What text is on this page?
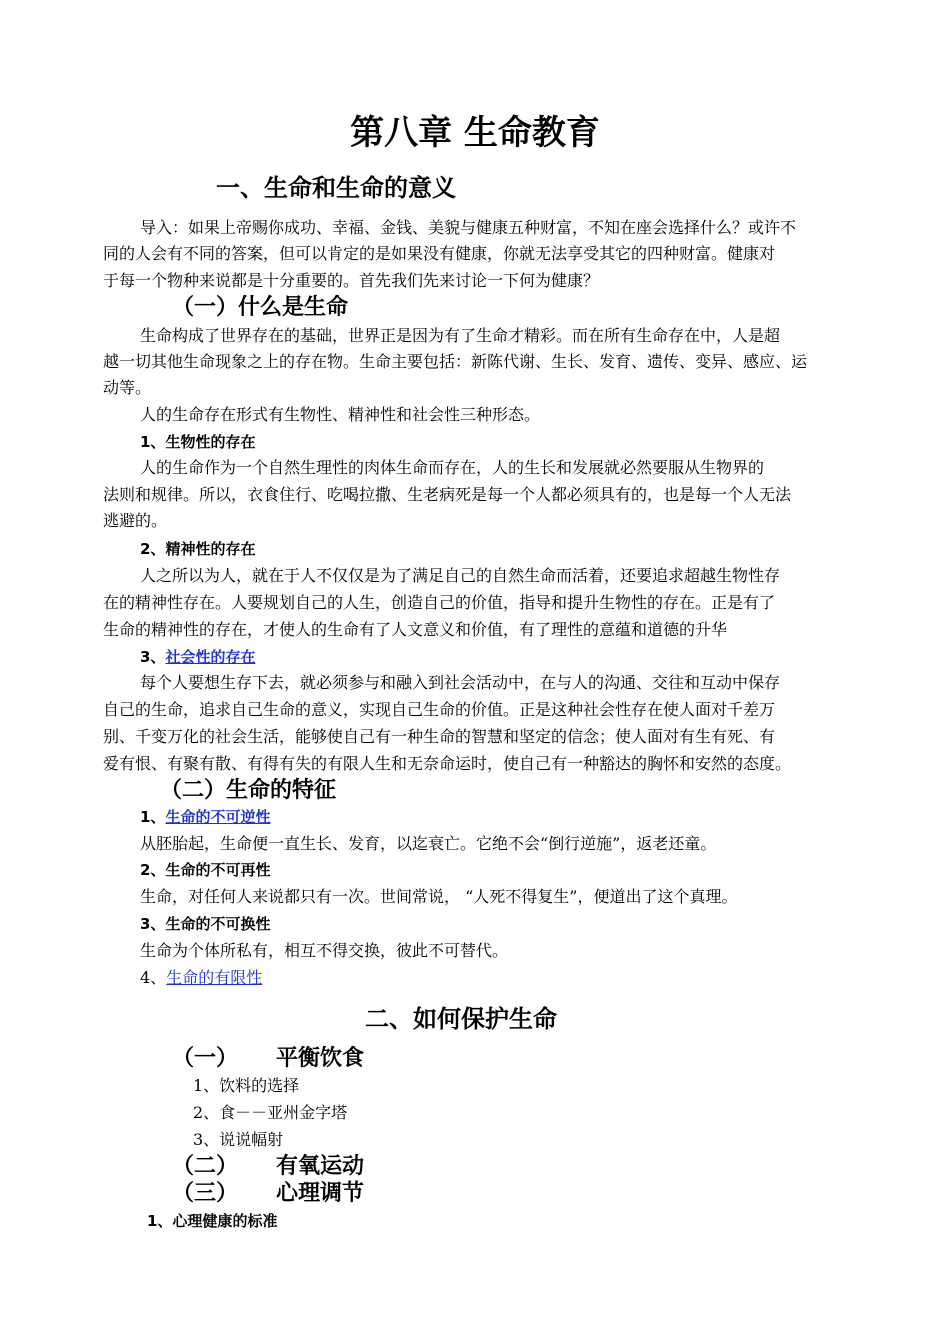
第八章 生命教育
一、生命和生命的意义
导入：如果上帝赐你成功、幸福、金钱、美貌与健康五种财富，不知在座会选择什么？或许不
同的人会有不同的答案，但可以肯定的是如果没有健康，你就无法享受其它的四种财富。健康对
于每一个物种来说都是十分重要的。首先我们先来讨论一下何为健康？
（一）什么是生命
生命构成了世界存在的基础，世界正是因为有了生命才精彩。而在所有生命存在中，人是超
越一切其他生命现象之上的存在物。生命主要包括：新陈代谢、生长、发育、遗传、变异、感应、运
动等。
人的生命存在形式有生物性、精神性和社会性三种形态。
1、生物性的存在
人的生命作为一个自然生理性的肉体生命而存在，人的生长和发展就必然要服从生物界的
法则和规律。所以，衣食住行、吃喝拉撒、生老病死是每一个人都必须具有的，也是每一个人无法
逃避的。
2、精神性的存在
人之所以为人，就在于人不仅仅是为了满足自己的自然生命而活着，还要追求超越生物性存
在的精神性存在。人要规划自己的人生，创造自己的价值，指导和提升生物性的存在。正是有了
生命的精神性的存在，才使人的生命有了人文意义和价值，有了理性的意蕴和道德的升华
3、社会性的存在
每个人要想生存下去，就必须参与和融入到社会活动中，在与人的沟通、交往和互动中保存
自己的生命，追求自己生命的意义，实现自己生命的价值。正是这种社会性存在使人面对千差万
别、千变万化的社会生活，能够使自己有一种生命的智慧和坚定的信念；使人面对有生有死、有
爱有恨、有聚有散、有得有失的有限人生和无奈命运时，使自己有一种豁达的胸怀和安然的态度。
（二）生命的特征
1、生命的不可逆性
从胚胎起，生命便一直生长、发育，以迄衰亡。它绝不会“倒行逆施”，返老还童。
2、生命的不可再性
生命，对任何人来说都只有一次。世间常说， “人死不得复生”，便道出了这个真理。
3、生命的不可换性
生命为个体所私有，相互不得交换，彼此不可替代。
4、生命的有限性
二、如何保护生命
（一） 平衡饮食
1、饮料的选择
2、食－－亚州金字塔
3、说说幅射
（二） 有氧运动
（三） 心理调节
1、心理健康的标准
